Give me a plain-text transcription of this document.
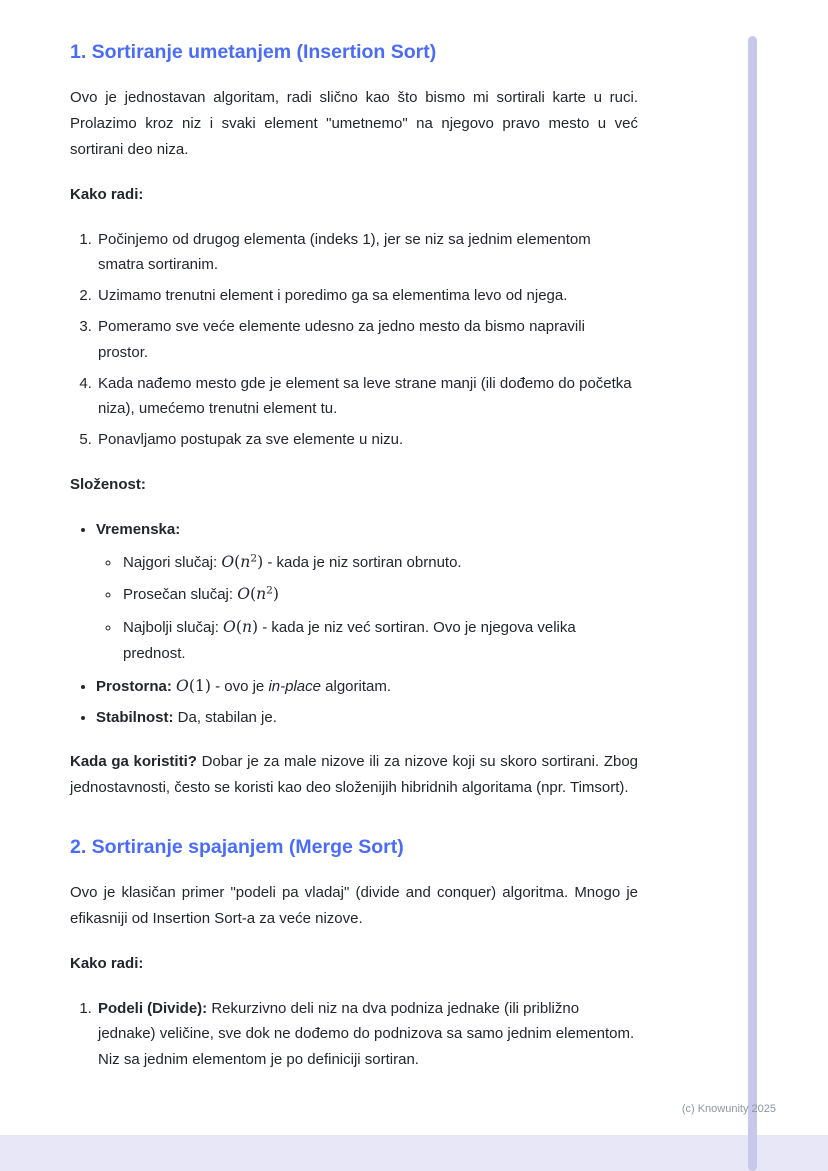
1. Sortiranje umetanjem (Insertion Sort)

Ovo je jednostavan algoritam, radi slično kao što bismo mi sortirali karte u ruci. Prolazimo kroz niz i svaki element "umetnemo" na njegovo pravo mesto u već sortirani deo niza.

Kako radi:

1. Počinjemo od drugog elementa (indeks 1), jer se niz sa jednim elementom smatra sortiranim.
2. Uzimamo trenutni element i poredimo ga sa elementima levo od njega.
3. Pomeramo sve veće elemente udesno za jedno mesto da bismo napravili prostor.
4. Kada nađemo mesto gde je element sa leve strane manji (ili dođemo do početka niza), umećemo trenutni element tu.
5. Ponavljamo postupak za sve elemente u nizu.

Složenost:

• Vremenska:
◦ Najgori slučaj: $O(n^2)$ - kada je niz sortiran obrnuto.
◦ Prosečan slučaj: $O(n^2)$
◦ Najbolji slučaj: O(n) - kada je niz već sortiran. Ovo je njegova velika prednost.
• Prostorna: O(1) - ovo je in-place algoritam.
• Stabilnost: Da, stabilan je.

Kada ga koristiti? Dobar je za male nizove ili za nizove koji su skoro sortirani. Zbog jednostavnosti, često se koristi kao deo složenijih hibridnih algoritama (npr. Timsort).

2. Sortiranje spajanjem (Merge Sort)

Ovo je klasičan primer "podeli pa vladaj" (divide and conquer) algoritma. Mnogo je efikasniji od Insertion Sort-a za veće nizove.

Kako radi:

1. Podeli (Divide): Rekurzivno deli niz na dva podniza jednake (ili približno jednake) veličine, sve dok ne dođemo do podnizova sa samo jednim elementom. Niz sa jednim elementom je po definiciji sortiran.
(c) Knowunity 2025
